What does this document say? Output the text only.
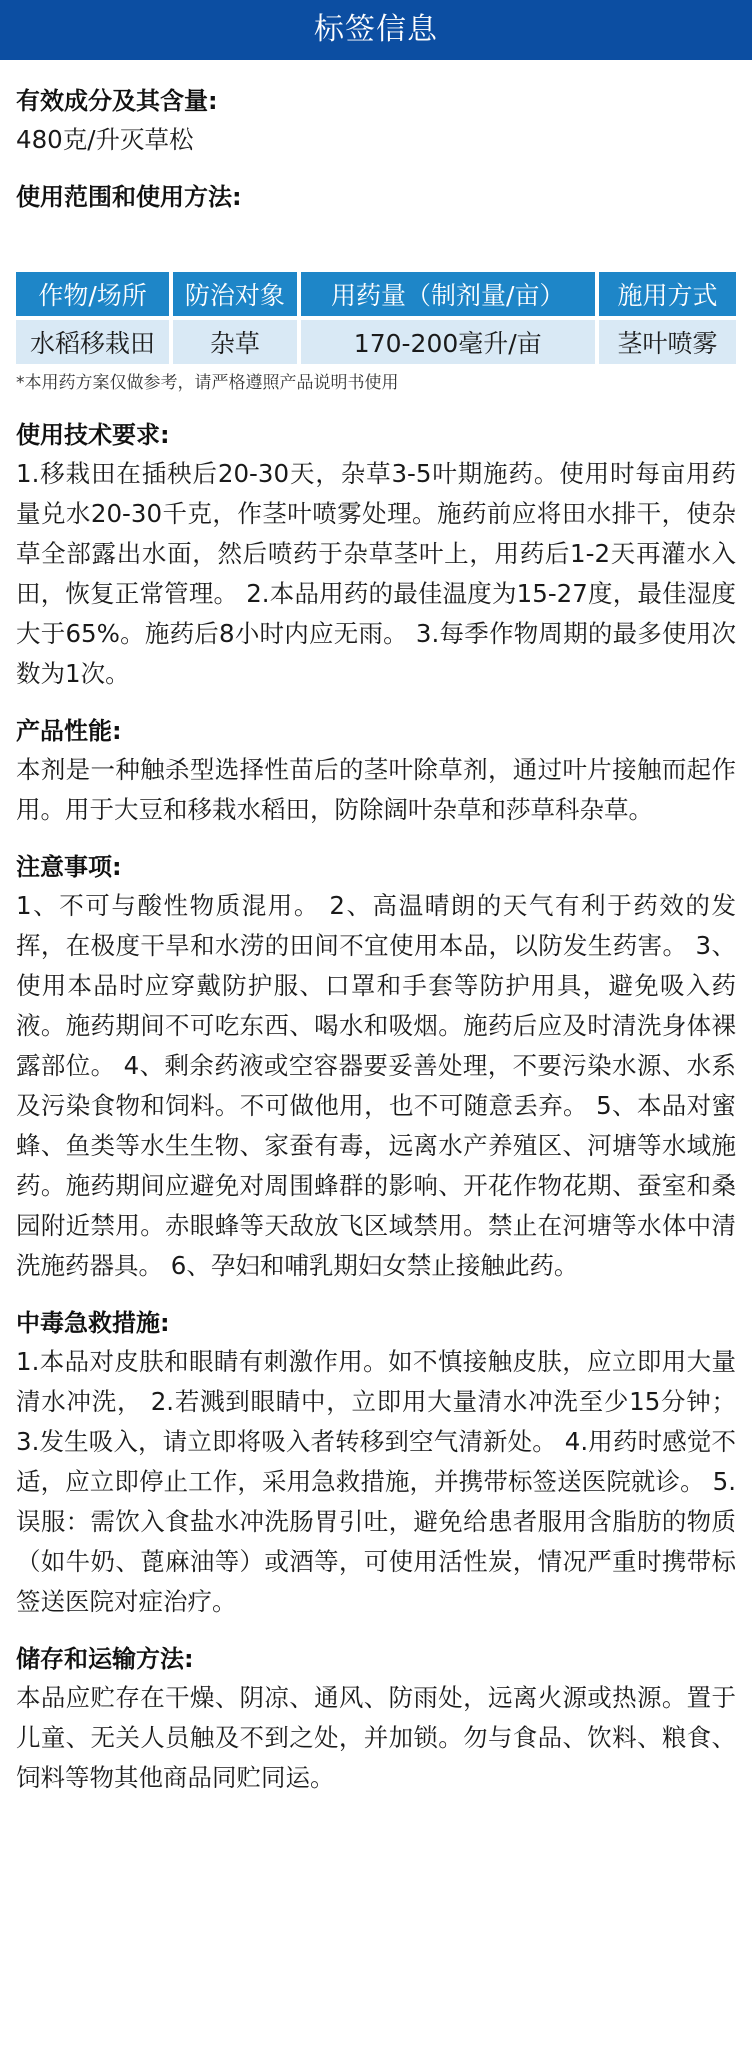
标签信息
有效成分及其含量:
480克/升灭草松
使用范围和使用方法:
作物/场所	防治对象	用药量（制剂量/亩）	施用方式
水稻移栽田	杂草	170-200毫升/亩	茎叶喷雾
*本用药方案仅做参考，请严格遵照产品说明书使用
使用技术要求:
1.移栽田在插秧后20-30天，杂草3-5叶期施药。使用时每亩用药量兑水20-30千克，作茎叶喷雾处理。施药前应将田水排干，使杂草全部露出水面，然后喷药于杂草茎叶上，用药后1-2天再灌水入田，恢复正常管理。 2.本品用药的最佳温度为15-27度，最佳湿度大于65%。施药后8小时内应无雨。 3.每季作物周期的最多使用次数为1次。
产品性能:
本剂是一种触杀型选择性苗后的茎叶除草剂，通过叶片接触而起作用。用于大豆和移栽水稻田，防除阔叶杂草和莎草科杂草。
注意事项:
1、不可与酸性物质混用。 2、高温晴朗的天气有利于药效的发挥，在极度干旱和水涝的田间不宜使用本品，以防发生药害。 3、使用本品时应穿戴防护服、口罩和手套等防护用具，避免吸入药液。施药期间不可吃东西、喝水和吸烟。施药后应及时清洗身体裸露部位。 4、剩余药液或空容器要妥善处理，不要污染水源、水系及污染食物和饲料。不可做他用，也不可随意丢弃。 5、本品对蜜蜂、鱼类等水生生物、家蚕有毒，远离水产养殖区、河塘等水域施药。施药期间应避免对周围蜂群的影响、开花作物花期、蚕室和桑园附近禁用。赤眼蜂等天敌放飞区域禁用。禁止在河塘等水体中清洗施药器具。 6、孕妇和哺乳期妇女禁止接触此药。
中毒急救措施:
1.本品对皮肤和眼睛有刺激作用。如不慎接触皮肤，应立即用大量清水冲洗， 2.若溅到眼睛中，立即用大量清水冲洗至少15分钟； 3.发生吸入，请立即将吸入者转移到空气清新处。 4.用药时感觉不适，应立即停止工作，采用急救措施，并携带标签送医院就诊。 5. 误服：需饮入食盐水冲洗肠胃引吐，避免给患者服用含脂肪的物质（如牛奶、蓖麻油等）或酒等，可使用活性炭，情况严重时携带标签送医院对症治疗。
储存和运输方法:
本品应贮存在干燥、阴凉、通风、防雨处，远离火源或热源。置于儿童、无关人员触及不到之处，并加锁。勿与食品、饮料、粮食、饲料等物其他商品同贮同运。
